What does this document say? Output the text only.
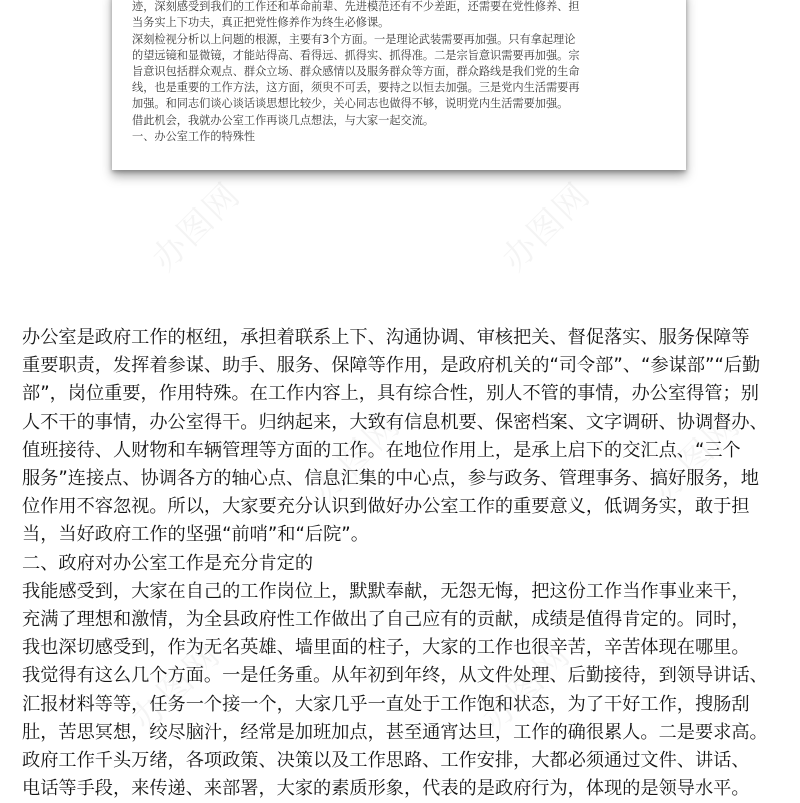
迹，深刻感受到我们的工作还和革命前辈、先进模范还有不少差距，还需要在党性修养、担

当务实上下功夫，真正把党性修养作为终生必修课。

深刻检视分析以上问题的根源，主要有3个方面。一是理论武装需要再加强。只有拿起理论

的望远镜和显微镜，才能站得高、看得远、抓得实、抓得准。二是宗旨意识需要再加强。宗

旨意识包括群众观点、群众立场、群众感情以及服务群众等方面，群众路线是我们党的生命

线，也是重要的工作方法，这方面，须臾不可丢，要持之以恒去加强。三是党内生活需要再

加强。和同志们谈心谈话谈思想比较少，关心同志也做得不够，说明党内生活需要加强。

借此机会，我就办公室工作再谈几点想法，与大家一起交流。

一、办公室工作的特殊性

办公室是政府工作的枢纽，承担着联系上下、沟通协调、审核把关、督促落实、服务保障等

重要职责，发挥着参谋、助手、服务、保障等作用，是政府机关的“司令部”、“参谋部”“后勤

部”，岗位重要，作用特殊。在工作内容上，具有综合性，别人不管的事情，办公室得管；别

人不干的事情，办公室得干。归纳起来，大致有信息机要、保密档案、文字调研、协调督办、

值班接待、人财物和车辆管理等方面的工作。在地位作用上，是承上启下的交汇点、“三个

服务”连接点、协调各方的轴心点、信息汇集的中心点，参与政务、管理事务、搞好服务，地

位作用不容忽视。所以，大家要充分认识到做好办公室工作的重要意义，低调务实，敢于担

当，当好政府工作的坚强“前哨”和“后院”。

二、政府对办公室工作是充分肯定的

我能感受到，大家在自己的工作岗位上，默默奉献，无怨无悔，把这份工作当作事业来干，

充满了理想和激情，为全县政府性工作做出了自己应有的贡献，成绩是值得肯定的。同时，

我也深切感受到，作为无名英雄、墙里面的柱子，大家的工作也很辛苦，辛苦体现在哪里。

我觉得有这么几个方面。一是任务重。从年初到年终，从文件处理、后勤接待，到领导讲话、

汇报材料等等，任务一个接一个，大家几乎一直处于工作饱和状态，为了干好工作，搜肠刮

肚，苦思冥想，绞尽脑汁，经常是加班加点，甚至通宵达旦，工作的确很累人。二是要求高。

政府工作千头万绪，各项政策、决策以及工作思路、工作安排，大都必须通过文件、讲话、

电话等手段，来传递、来部署，大家的素质形象，代表的是政府行为，体现的是领导水平。
